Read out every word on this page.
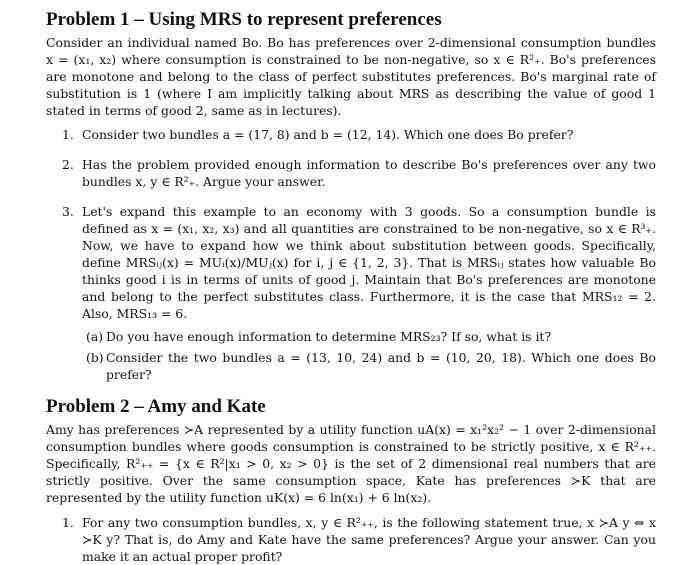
Problem 1 – Using MRS to represent preferences

Consider an individual named Bo. Bo has preferences over 2-dimensional consumption bundles x = (x₁, x₂) where consumption is constrained to be non-negative, so x ∈ R²₊. Bo's preferences are monotone and belong to the class of perfect substitutes preferences. Bo's marginal rate of substitution is 1 (where I am implicitly talking about MRS as describing the value of good 1 stated in terms of good 2, same as in lectures).

1. Consider two bundles a = (17, 8) and b = (12, 14). Which one does Bo prefer?
2. Has the problem provided enough information to describe Bo's preferences over any two bundles x, y ∈ R²₊. Argue your answer.
3. Let's expand this example to an economy with 3 goods. So a consumption bundle is defined as x = (x₁, x₂, x₃) and all quantities are constrained to be non-negative, so x ∈ R³₊. Now, we have to expand how we think about substitution between goods. Specifically, define MRSᵢⱼ(x) = MUᵢ(x)/MUⱼ(x) for i, j ∈ {1, 2, 3}. That is MRSᵢⱼ states how valuable Bo thinks good i is in terms of units of good j. Maintain that Bo's preferences are monotone and belong to the perfect substitutes class. Furthermore, it is the case that MRS₁₂ = 2. Also, MRS₁₃ = 6.
(a) Do you have enough information to determine MRS₂₃? If so, what is it?
(b) Consider the two bundles a = (13, 10, 24) and b = (10, 20, 18). Which one does Bo prefer?
Problem 2 – Amy and Kate

Amy has preferences ≻A represented by a utility function uA(x) = x₁²x₂² − 1 over 2-dimensional consumption bundles where goods consumption is constrained to be strictly positive, x ∈ R²₊₊. Specifically, R²₊₊ = {x ∈ R²|x₁ > 0, x₂ > 0} is the set of 2 dimensional real numbers that are strictly positive. Over the same consumption space, Kate has preferences ≻K that are represented by the utility function uK(x) = 6 ln(x₁) + 6 ln(x₂).

1. For any two consumption bundles, x, y ∈ R²₊₊, is the following statement true, x ≻A y ⇔ x ≻K y? That is, do Amy and Kate have the same preferences? Argue your answer. Can you make it an actual proper profit?
